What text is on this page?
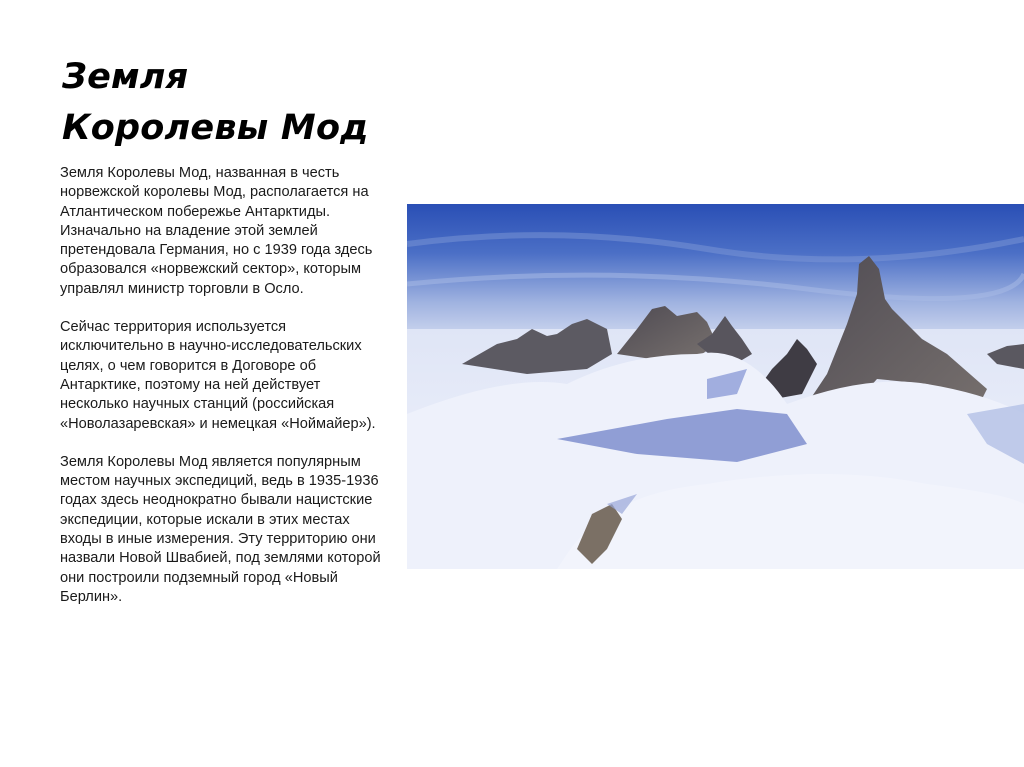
Земля
Королевы Мод

Земля Королевы Мод, названная в честь норвежской королевы Мод, располагается на Атлантическом побережье Антарктиды. Изначально на владение этой землей претендовала Германия, но с 1939 года здесь образовался «норвежский сектор», которым управлял министр торговли в Осло.

Сейчас территория используется исключительно в научно-исследовательских целях, о чем говорится в Договоре об Антарктике, поэтому на ней действует несколько научных станций (российская «Новолазаревская» и немецкая «Ноймайер»).

Земля Королевы Мод является популярным местом научных экспедиций, ведь в 1935-1936 годах здесь неоднократно бывали нацистские экспедиции, которые искали в этих местах входы в иные измерения. Эту территорию они назвали Новой Швабией, под землями которой они построили подземный город «Новый Берлин».
